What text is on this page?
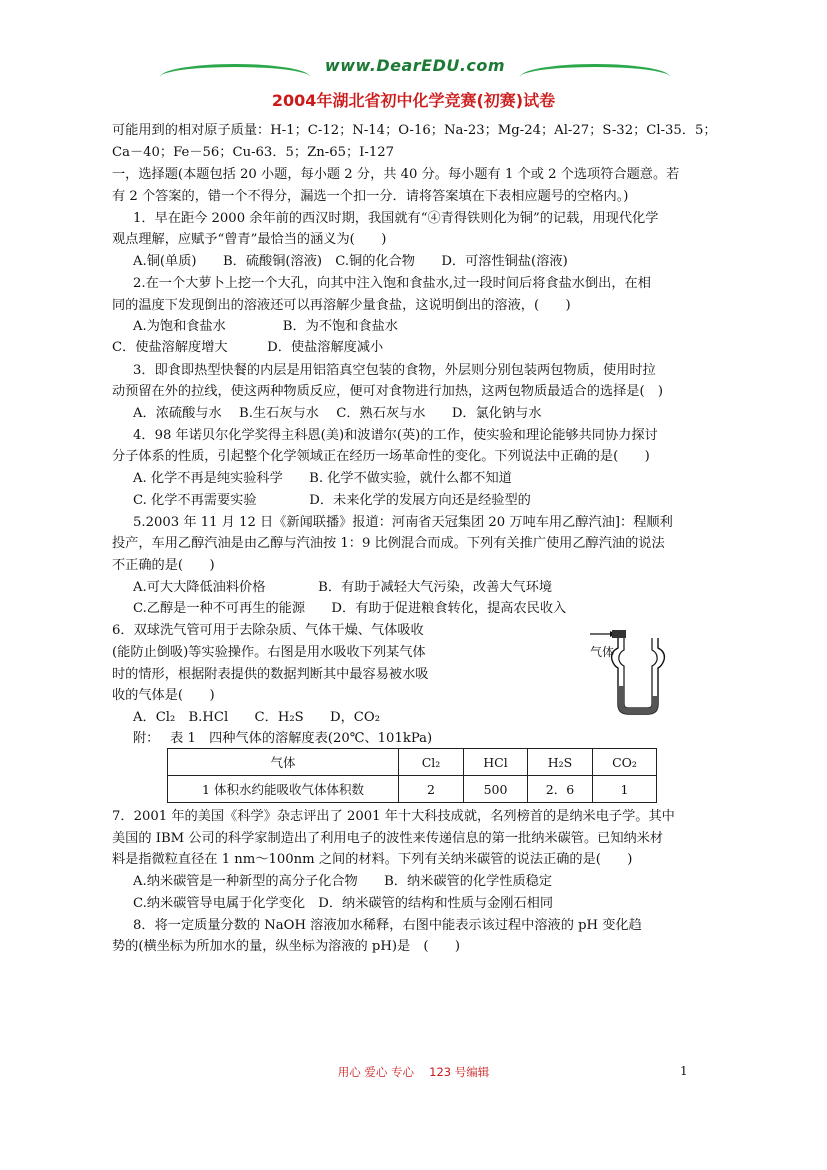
www.DearEDU.com
2004年湖北省初中化学竞赛(初赛)试卷
可能用到的相对原子质量：H-1；C-12；N-14；O-16；Na-23；Mg-24；Al-27；S-32；Cl-35．5；
Ca－40；Fe－56；Cu-63．5；Zn-65；I-127
一，选择题(本题包括 20 小题，每小题 2 分，共 40 分。每小题有 1 个或 2 个选项符合题意。若
有 2 个答案的，错一个不得分，漏选一个扣一分．请将答案填在下表相应题号的空格内。)
1．早在距今 2000 余年前的西汉时期，我国就有“④青得铁则化为铜”的记载，用现代化学
观点理解，应赋予“曾青”最恰当的涵义为(　　)
A.铜(单质)　　B．硫酸铜(溶液)　C.铜的化合物　　D．可溶性铜盐(溶液)
2.在一个大萝卜上挖一个大孔，向其中注入饱和食盐水,过一段时间后将食盐水倒出，在相
同的温度下发现倒出的溶液还可以再溶解少量食盐，这说明倒出的溶液，(　　)
A.为饱和食盐水　　　　 B．为不饱和食盐水
C．使盐溶解度增大　　　D．使盐溶解度减小
3．即食即热型快餐的内层是用铝箔真空包装的食物，外层则分别包装两包物质，使用时拉
动预留在外的拉线，使这两种物质反应，便可对食物进行加热，这两包物质最适合的选择是(　)
A．浓硫酸与水　 B.生石灰与水　 C．熟石灰与水　　D．氯化钠与水
4．98 年诺贝尔化学奖得主科恩(美)和波谱尔(英)的工作，使实验和理论能够共同协力探讨
分子体系的性质，引起整个化学领域正在经历一场革命性的变化。下列说法中正确的是(　　)
A. 化学不再是纯实验科学　　B. 化学不做实验，就什么都不知道
C. 化学不再需要实验　　　　D．未来化学的发展方向还是经验型的
5.2003 年 11 月 12 日《新闻联播》报道：河南省天冠集团 20 万吨车用乙醇汽油]：程顺利
投产，车用乙醇汽油是由乙醇与汽油按 1：9 比例混合而成。下列有关推广使用乙醇汽油的说法
不正确的是(　　)
A.可大大降低油料价格　　　　B．有助于减轻大气污染，改善大气环境
C.乙醇是一种不可再生的能源　　D．有助于促进粮食转化，提高农民收入
6．双球洗气管可用于去除杂质、气体干燥、气体吸收
(能防止倒吸)等实验操作。右图是用水吸收下列某气体
时的情形，根据附表提供的数据判断其中最容易被水吸
收的气体是(　　)
A．Cl₂　B.HCl　　C．H₂S　　D，CO₂
附：　 表 1　四种气体的溶解度表(20℃、101kPa)
气体
气体	Cl₂	HCl	H₂S	CO₂
1 体积水约能吸收气体体积数	2	500	2．6	1
7．2001 年的美国《科学》杂志评出了 2001 年十大科技成就，名列榜首的是纳米电子学。其中
美国的 IBM 公司的科学家制造出了利用电子的波性来传递信息的第一批纳米碳管。已知纳米材
料是指微粒直径在 1 nm～100nm 之间的材料。下列有关纳米碳管的说法正确的是(　　)
A.纳米碳管是一种新型的高分子化合物　　B．纳米碳管的化学性质稳定
C.纳米碳管导电属于化学变化　D．纳米碳管的结构和性质与金刚石相同
8．将一定质量分数的 NaOH 溶液加水稀释，右图中能表示该过程中溶液的 pH 变化趋
势的(横坐标为所加水的量，纵坐标为溶液的 pH)是　(　　)
用心 爱心 专心　 123 号编辑	1
